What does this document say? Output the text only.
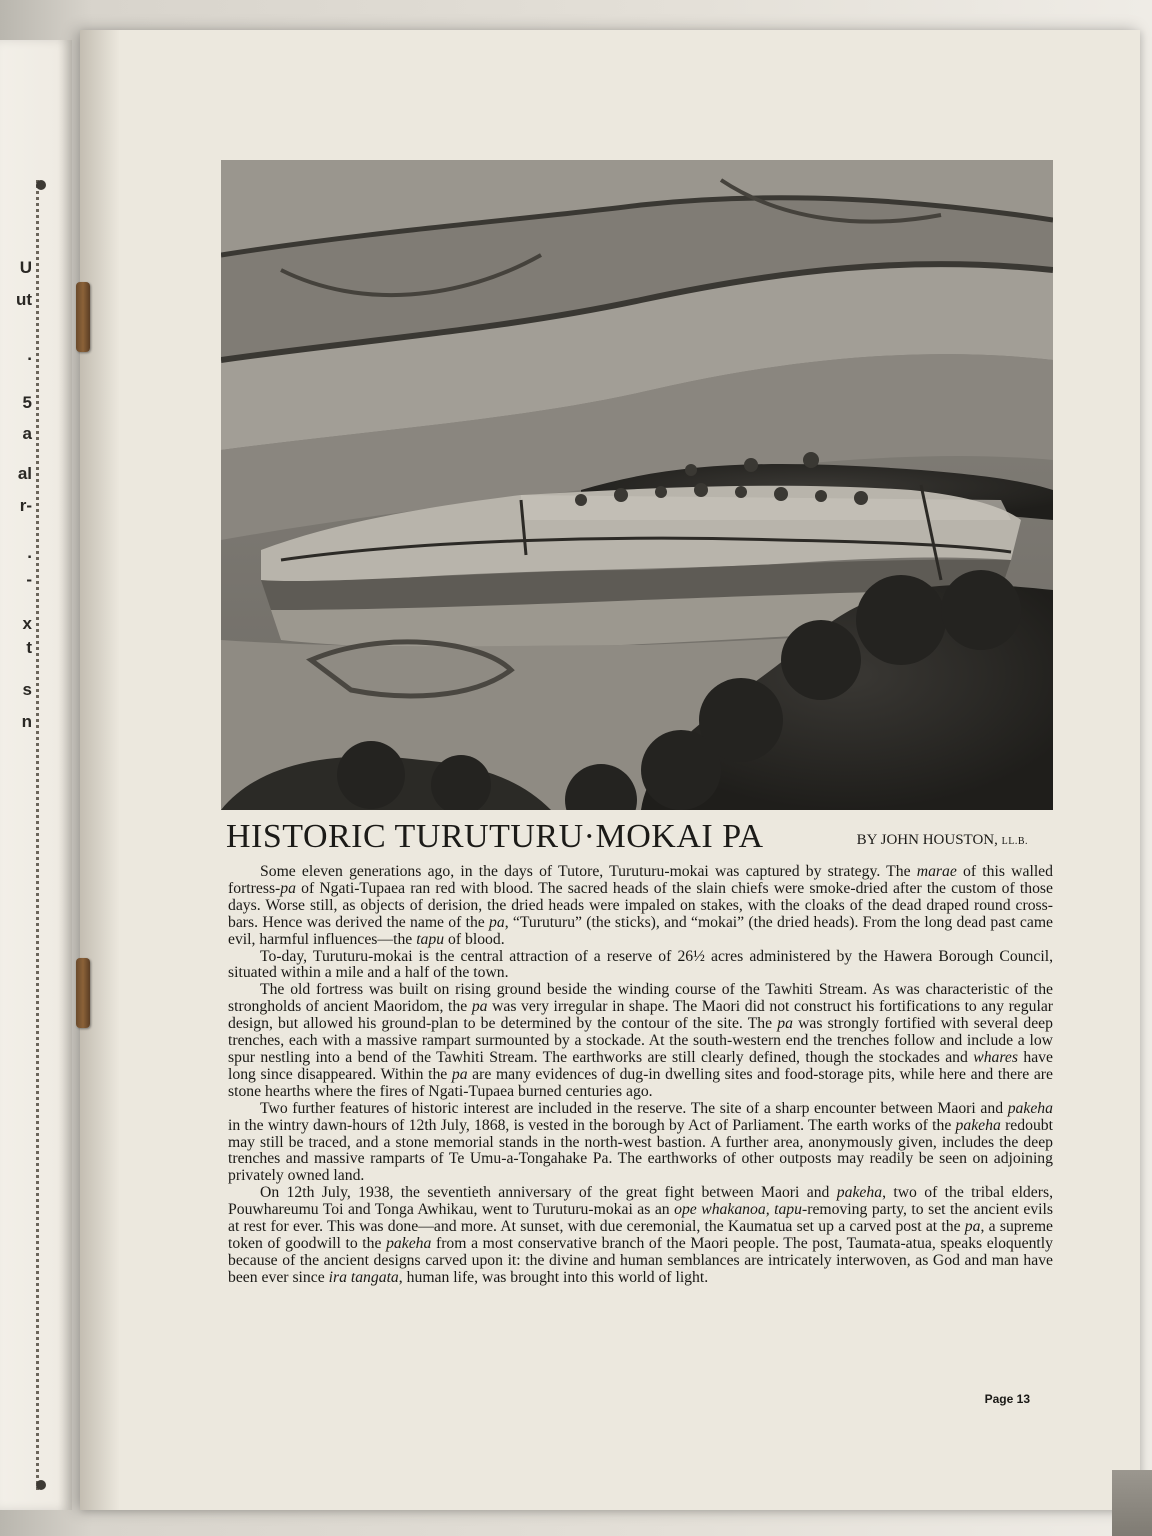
U
ut
.
5
a
al
r-
.
-
x
t
s
n
HISTORIC TURUTURU·MOKAI PA	BY JOHN HOUSTON, LL.B.

Some eleven generations ago, in the days of Tutore, Turuturu-mokai was captured by strategy. The marae of this walled fortress-pa of Ngati-Tupaea ran red with blood. The sacred heads of the slain chiefs were smoke-dried after the custom of those days. Worse still, as objects of derision, the dried heads were impaled on stakes, with the cloaks of the dead draped round cross-bars. Hence was derived the name of the pa, “Turuturu” (the sticks), and “mokai” (the dried heads). From the long dead past came evil, harmful influences—the tapu of blood.

To-day, Turuturu-mokai is the central attraction of a reserve of 26½ acres administered by the Hawera Borough Council, situated within a mile and a half of the town.

The old fortress was built on rising ground beside the winding course of the Tawhiti Stream. As was characteristic of the strongholds of ancient Maoridom, the pa was very irregular in shape. The Maori did not construct his fortifications to any regular design, but allowed his ground-plan to be determined by the contour of the site. The pa was strongly fortified with several deep trenches, each with a massive rampart surmounted by a stockade. At the south-western end the trenches follow and include a low spur nestling into a bend of the Tawhiti Stream. The earthworks are still clearly defined, though the stockades and whares have long since disappeared. Within the pa are many evidences of dug-in dwelling sites and food-storage pits, while here and there are stone hearths where the fires of Ngati-Tupaea burned centuries ago.

Two further features of historic interest are included in the reserve. The site of a sharp encounter between Maori and pakeha in the wintry dawn-hours of 12th July, 1868, is vested in the borough by Act of Parliament. The earth works of the pakeha redoubt may still be traced, and a stone memorial stands in the north-west bastion. A further area, anonymously given, includes the deep trenches and massive ramparts of Te Umu-a-Tongahake Pa. The earthworks of other outposts may readily be seen on adjoining privately owned land.

On 12th July, 1938, the seventieth anniversary of the great fight between Maori and pakeha, two of the tribal elders, Pouwhareumu Toi and Tonga Awhikau, went to Turuturu-mokai as an ope whakanoa, tapu-removing party, to set the ancient evils at rest for ever. This was done—and more. At sunset, with due ceremonial, the Kaumatua set up a carved post at the pa, a supreme token of goodwill to the pakeha from a most conservative branch of the Maori people. The post, Taumata-atua, speaks eloquently because of the ancient designs carved upon it: the divine and human semblances are intricately interwoven, as God and man have been ever since ira tangata, human life, was brought into this world of light.

Page 13
